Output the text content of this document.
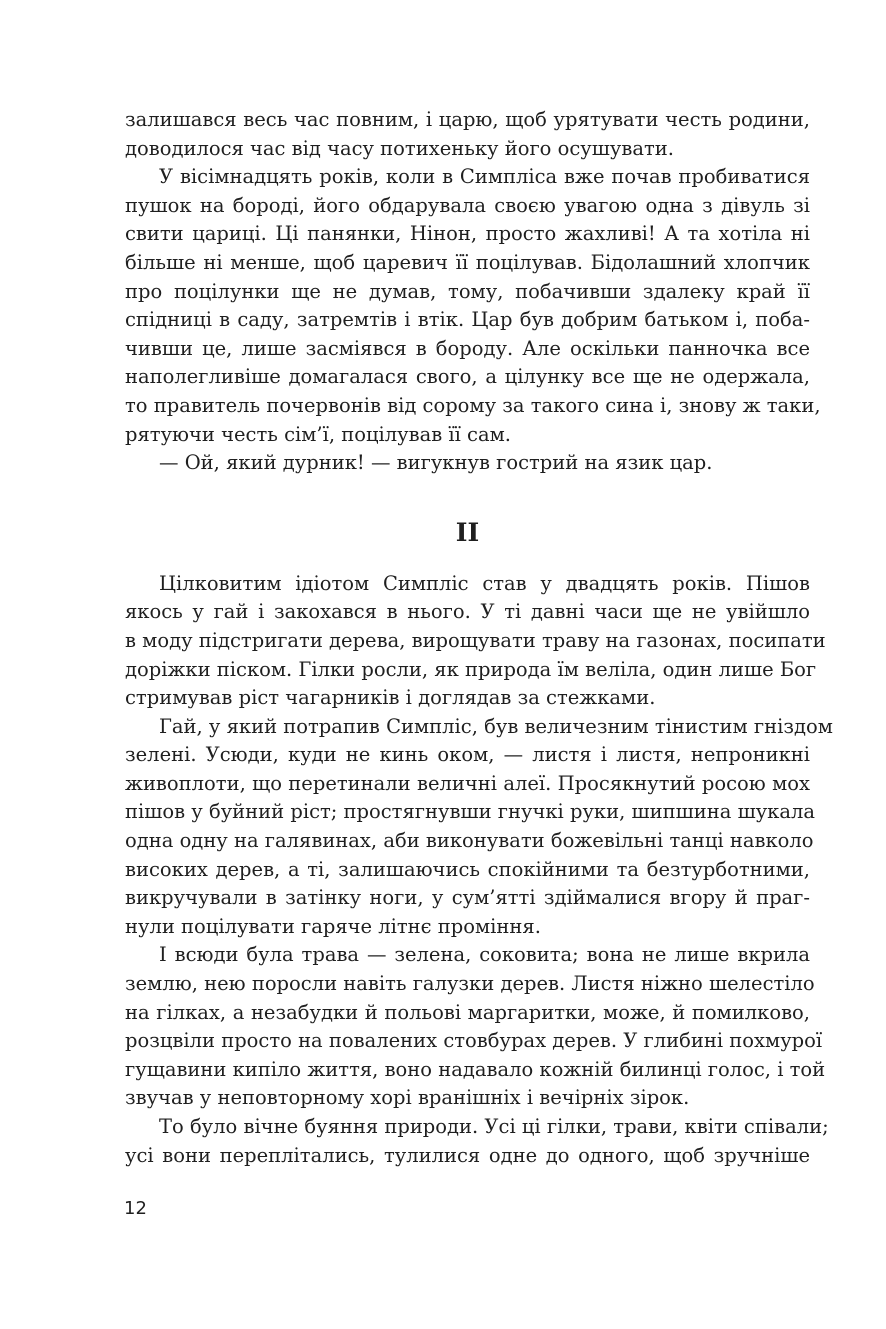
залишався весь час повним, і царю, щоб урятувати честь родини,
доводилося час від часу потихеньку його осушувати.
У вісімнадцять років, коли в Симпліса вже почав пробиватися
пушок на бороді, його обдарувала своєю увагою одна з дівуль зі
свити цариці. Ці панянки, Нінон, просто жахливі! А та хотіла ні
більше ні менше, щоб царевич її поцілував. Бідолашний хлопчик
про поцілунки ще не думав, тому, побачивши здалеку край її
спідниці в саду, затремтів і втік. Цар був добрим батьком і, поба-
чивши це, лише засміявся в бороду. Але оскільки панночка все
наполегливіше домагалася свого, а цілунку все ще не одержала,
то правитель почервонів від сорому за такого сина і, знову ж таки,
рятуючи честь сім’ї, поцілував її сам.
— Ой, який дурник! — вигукнув гострий на язик цар.
II
Цілковитим ідіотом Симпліс став у двадцять років. Пішов
якось у гай і закохався в нього. У ті давні часи ще не увійшло
в моду підстригати дерева, вирощувати траву на газонах, посипати
доріжки піском. Гілки росли, як природа їм веліла, один лише Бог
стримував ріст чагарників і доглядав за стежками.
Гай, у який потрапив Симпліс, був величезним тінистим гніздом
зелені. Усюди, куди не кинь оком, — листя і листя, непроникні
живоплоти, що перетинали величні алеї. Просякнутий росою мох
пішов у буйний ріст; простягнувши гнучкі руки, шипшина шукала
одна одну на галявинах, аби виконувати божевільні танці навколо
високих дерев, а ті, залишаючись спокійними та безтурботними,
викручували в затінку ноги, у сум’ятті здіймалися вгору й праг-
нули поцілувати гаряче літнє проміння.
І всюди була трава — зелена, соковита; вона не лише вкрила
землю, нею поросли навіть галузки дерев. Листя ніжно шелестіло
на гілках, а незабудки й польові маргаритки, може, й помилково,
розцвіли просто на повалених стовбурах дерев. У глибині похмурої
гущавини кипіло життя, воно надавало кожній билинці голос, і той
звучав у неповторному хорі вранішніх і вечірніх зірок.
То було вічне буяння природи. Усі ці гілки, трави, квіти співали;
усі вони переплітались, тулилися одне до одного, щоб зручніше
12
